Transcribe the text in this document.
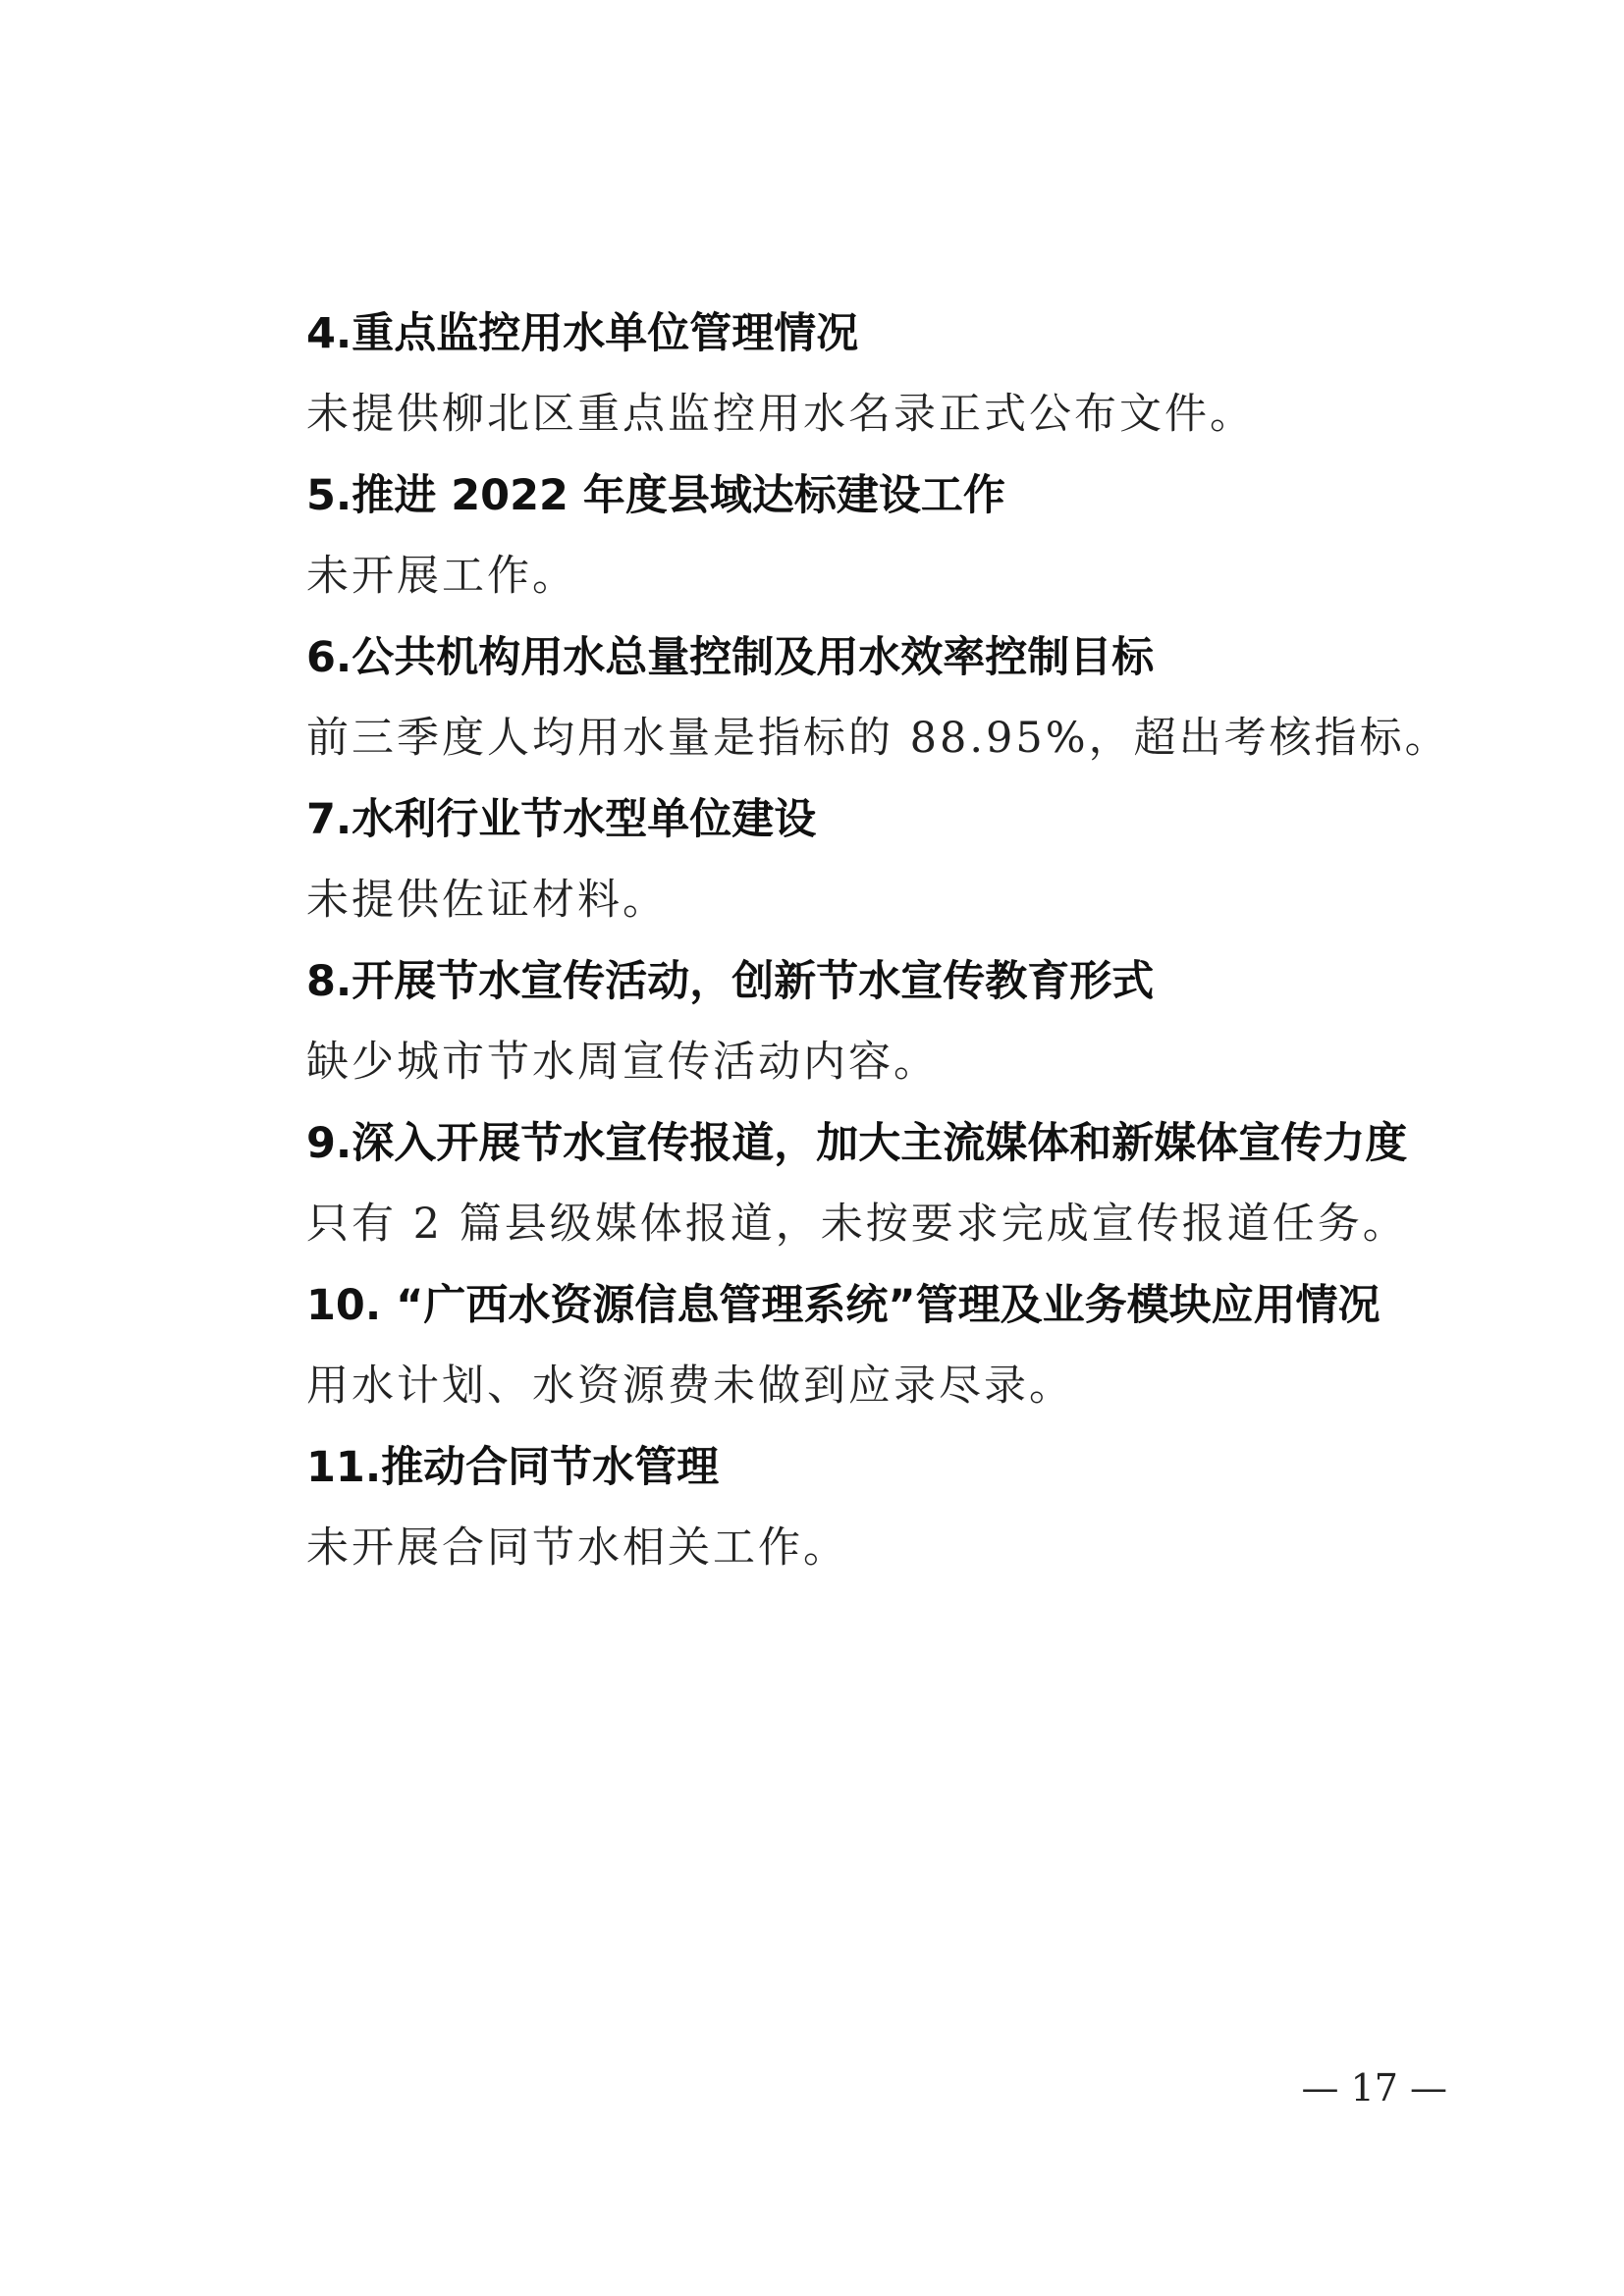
4.重点监控用水单位管理情况

未提供柳北区重点监控用水名录正式公布文件。

5.推进 2022 年度县域达标建设工作

未开展工作。

6.公共机构用水总量控制及用水效率控制目标

前三季度人均用水量是指标的 88.95%，超出考核指标。

7.水利行业节水型单位建设

未提供佐证材料。

8.开展节水宣传活动，创新节水宣传教育形式

缺少城市节水周宣传活动内容。

9.深入开展节水宣传报道，加大主流媒体和新媒体宣传力度

只有 2 篇县级媒体报道，未按要求完成宣传报道任务。

10. “广西水资源信息管理系统”管理及业务模块应用情况

用水计划、水资源费未做到应录尽录。

11.推动合同节水管理

未开展合同节水相关工作。

— 17 —
